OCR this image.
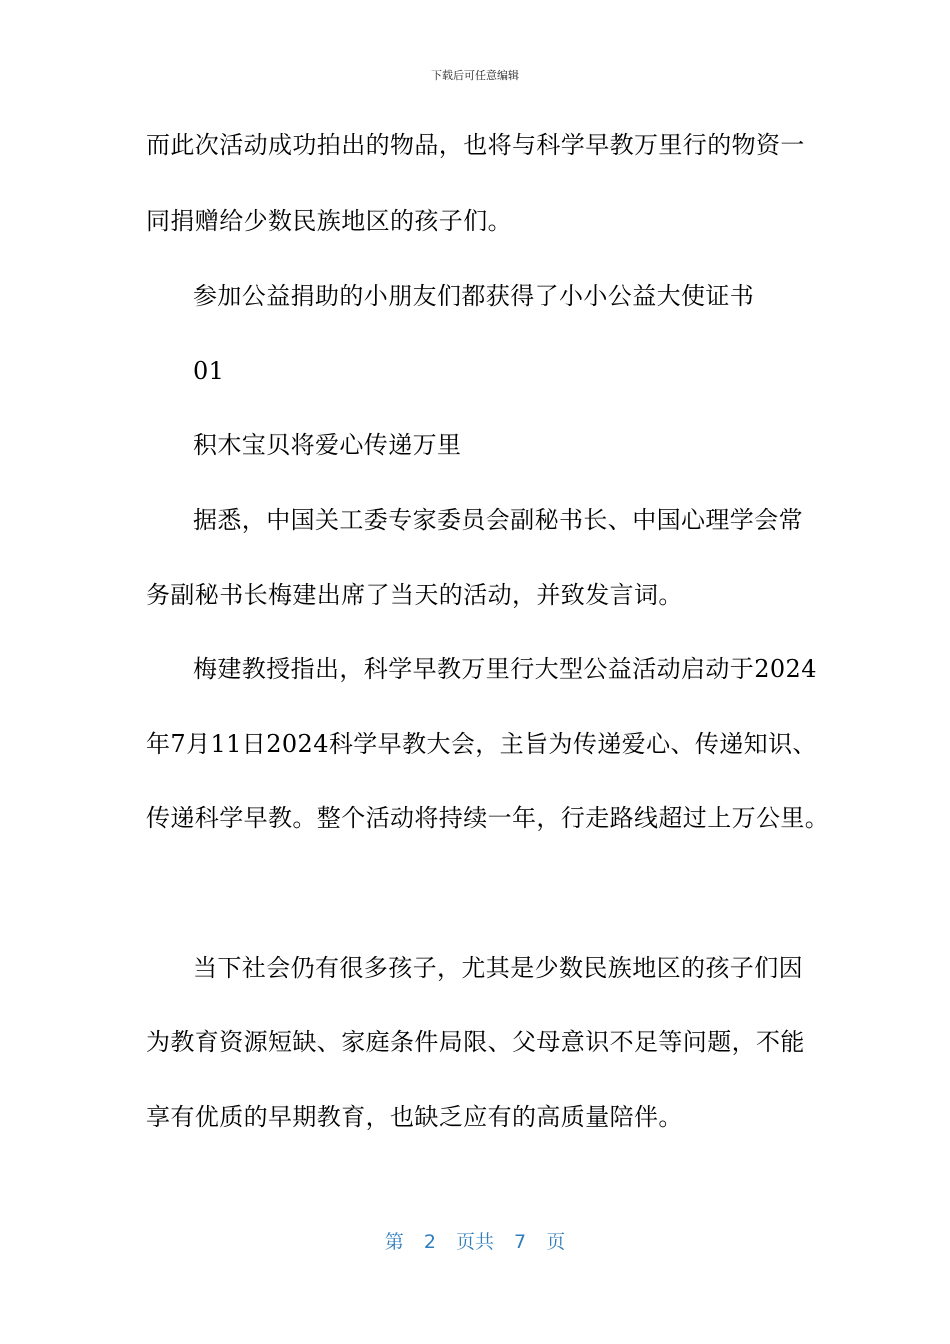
下载后可任意编辑
而此次活动成功拍出的物品，也将与科学早教万里行的物资一
同捐赠给少数民族地区的孩子们。
参加公益捐助的小朋友们都获得了小小公益大使证书
01
积木宝贝将爱心传递万里
据悉，中国关工委专家委员会副秘书长、中国心理学会常
务副秘书长梅建出席了当天的活动，并致发言词。
梅建教授指出，科学早教万里行大型公益活动启动于2024
年7月11日2024科学早教大会，主旨为传递爱心、传递知识、
传递科学早教。整个活动将持续一年，行走路线超过上万公里。
当下社会仍有很多孩子，尤其是少数民族地区的孩子们因
为教育资源短缺、家庭条件局限、父母意识不足等问题，不能
享有优质的早期教育，也缺乏应有的高质量陪伴。
第 2 页共 7 页
